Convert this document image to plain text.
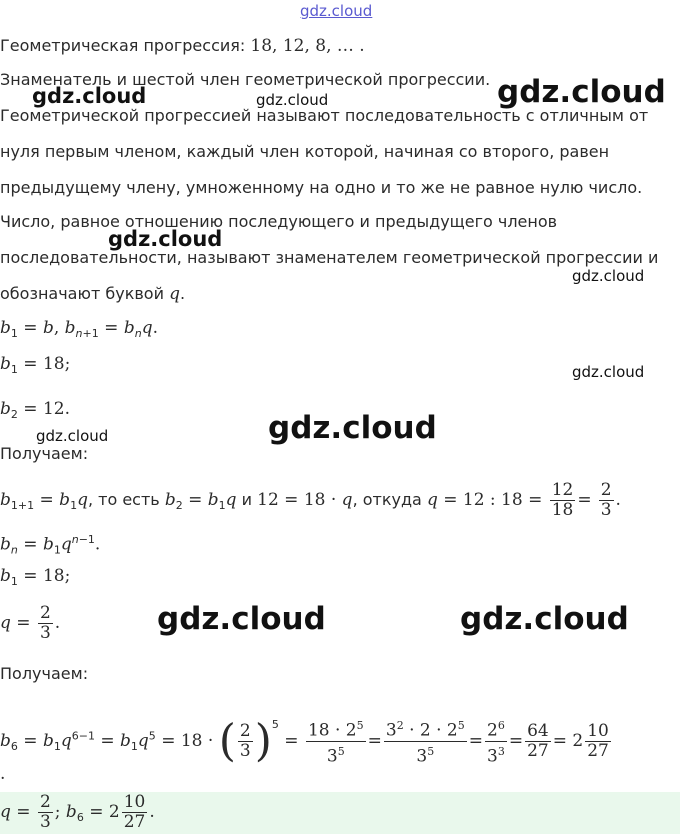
gdz.cloud
Геометрическая прогрессия: 18, 12, 8, … .
Знаменатель и шестой член геометрической прогрессии.
Геометрической прогрессией называют последовательность с отличным от
нуля первым членом, каждый член которой, начиная со второго, равен
предыдущему члену, умноженному на одно и то же не равное нулю число.
Число, равное отношению последующего и предыдущего членов
последовательности, называют знаменателем геометрической прогрессии и
обозначают буквой q.
$b_1 = b$, $b_{n+1} = b_nq$.
$b_1 = 18$;
$b_2 = 12$.
Получаем:
$b_{1+1} = b_1q$, то есть $b_2 = b_1q$ и 12 = 18 · q, откуда q = 12 : $18 = \frac{12}{18} = \frac{2}{3}$ .
$b_n = b_1q^{n-1}$.
$b_1 = 18$;
$q = \frac{2}{3}$ .
Получаем:
$b_6 = b_1q^{6-1} = b_1q^5 = 18$ · ( $\frac{2}{3} )^5 = \frac{18 \cdot 2^5}{3^5} = \frac{3^2 \cdot 2 \cdot 2^5}{3^5} = \frac{2^6}{3^3} = \frac{64}{27} = 2 \frac{10}{27}$
.
$q = \frac{2}{3}$ ; $b_6 = 2 \frac{10}{27}$ .
gdz.cloud	gdz.cloud	gdz.cloud
gdz.cloud
gdz.cloud
gdz.cloud
gdz.cloud	gdz.cloud
gdz.cloud	gdz.cloud
